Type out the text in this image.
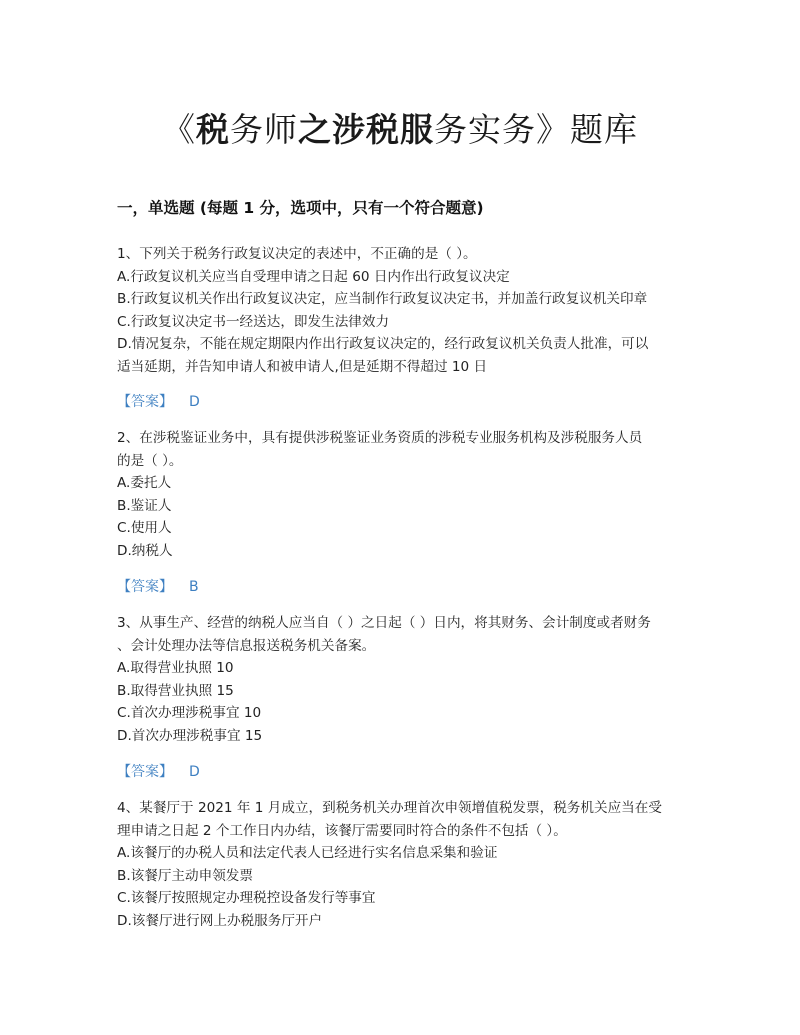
《税务师之涉税服务实务》题库
一，单选题 (每题 1 分，选项中，只有一个符合题意)
1、下列关于税务行政复议决定的表述中，不正确的是（ ）。
A.行政复议机关应当自受理申请之日起 60 日内作出行政复议决定
B.行政复议机关作出行政复议决定，应当制作行政复议决定书，并加盖行政复议机关印章
C.行政复议决定书一经送达，即发生法律效力
D.情况复杂，不能在规定期限内作出行政复议决定的，经行政复议机关负责人批准，可以
适当延期，并告知申请人和被申请人,但是延期不得超过 10 日
【答案】 D
2、在涉税鉴证业务中，具有提供涉税鉴证业务资质的涉税专业服务机构及涉税服务人员
的是（ ）。
A.委托人
B.鉴证人
C.使用人
D.纳税人
【答案】 B
3、从事生产、经营的纳税人应当自（ ）之日起（ ）日内，将其财务、会计制度或者财务
、会计处理办法等信息报送税务机关备案。
A.取得营业执照 10
B.取得营业执照 15
C.首次办理涉税事宜 10
D.首次办理涉税事宜 15
【答案】 D
4、某餐厅于 2021 年 1 月成立，到税务机关办理首次申领增值税发票，税务机关应当在受
理申请之日起 2 个工作日内办结，该餐厅需要同时符合的条件不包括（ ）。
A.该餐厅的办税人员和法定代表人已经进行实名信息采集和验证
B.该餐厅主动申领发票
C.该餐厅按照规定办理税控设备发行等事宜
D.该餐厅进行网上办税服务厅开户
